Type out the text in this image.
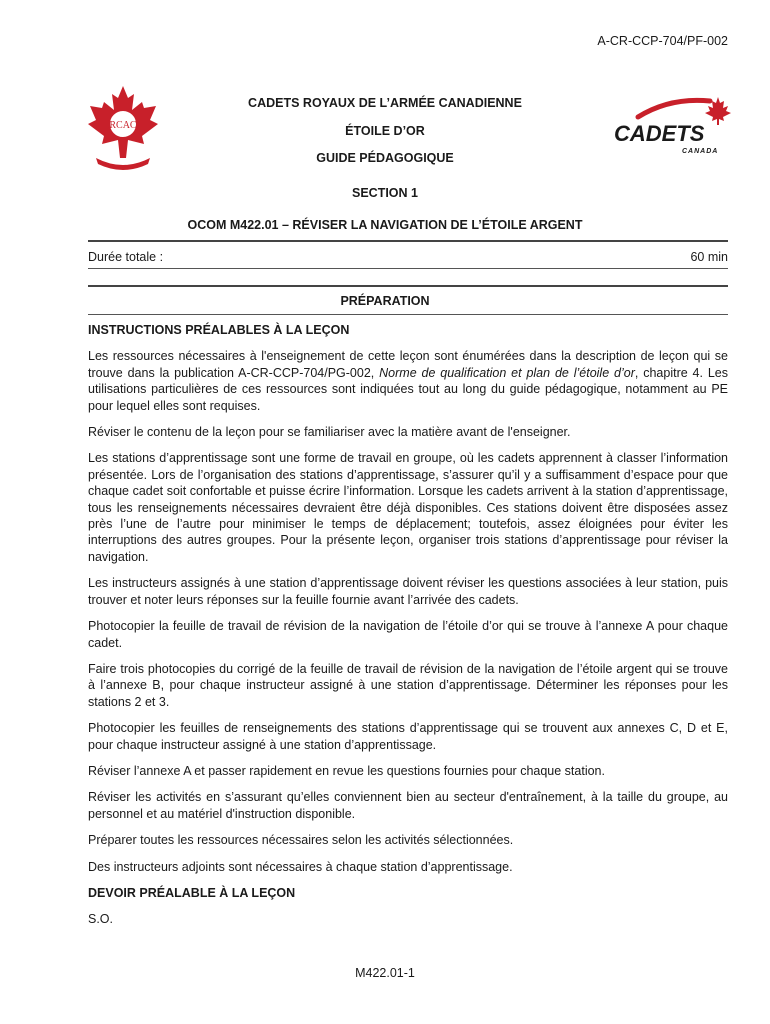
A-CR-CCP-704/PF-002
RCAC	CADETS
CANADA
CADETS ROYAUX DE L’ARMÉE CANADIENNE
ÉTOILE D’OR
GUIDE PÉDAGOGIQUE
SECTION 1
OCOM M422.01 – RÉVISER LA NAVIGATION DE L’ÉTOILE ARGENT
Durée totale :	60 min
PRÉPARATION
INSTRUCTIONS PRÉALABLES À LA LEÇON

Les ressources nécessaires à l'enseignement de cette leçon sont énumérées dans la description de leçon qui se trouve dans la publication A-CR-CCP-704/PG-002, Norme de qualification et plan de l’étoile d’or, chapitre 4. Les utilisations particulières de ces ressources sont indiquées tout au long du guide pédagogique, notamment au PE pour lequel elles sont requises.

Réviser le contenu de la leçon pour se familiariser avec la matière avant de l'enseigner.

Les stations d’apprentissage sont une forme de travail en groupe, où les cadets apprennent à classer l’information présentée. Lors de l’organisation des stations d’apprentissage, s’assurer qu’il y a suffisamment d’espace pour que chaque cadet soit confortable et puisse écrire l’information. Lorsque les cadets arrivent à la station d’apprentissage, tous les renseignements nécessaires devraient être déjà disponibles. Ces stations doivent être disposées assez près l’une de l’autre pour minimiser le temps de déplacement; toutefois, assez éloignées pour éviter les interruptions des autres groupes. Pour la présente leçon, organiser trois stations d’apprentissage pour réviser la navigation.

Les instructeurs assignés à une station d’apprentissage doivent réviser les questions associées à leur station, puis trouver et noter leurs réponses sur la feuille fournie avant l’arrivée des cadets.

Photocopier la feuille de travail de révision de la navigation de l’étoile d’or qui se trouve à l’annexe A pour chaque cadet.

Faire trois photocopies du corrigé de la feuille de travail de révision de la navigation de l’étoile argent qui se trouve à l’annexe B, pour chaque instructeur assigné à une station d’apprentissage. Déterminer les réponses pour les stations 2 et 3.

Photocopier les feuilles de renseignements des stations d’apprentissage qui se trouvent aux annexes C, D et E, pour chaque instructeur assigné à une station d’apprentissage.

Réviser l’annexe A et passer rapidement en revue les questions fournies pour chaque station.

Réviser les activités en s’assurant qu’elles conviennent bien au secteur d'entraînement, à la taille du groupe, au personnel et au matériel d'instruction disponible.

Préparer toutes les ressources nécessaires selon les activités sélectionnées.

Des instructeurs adjoints sont nécessaires à chaque station d’apprentissage.

DEVOIR PRÉALABLE À LA LEÇON

S.O.

M422.01-1
